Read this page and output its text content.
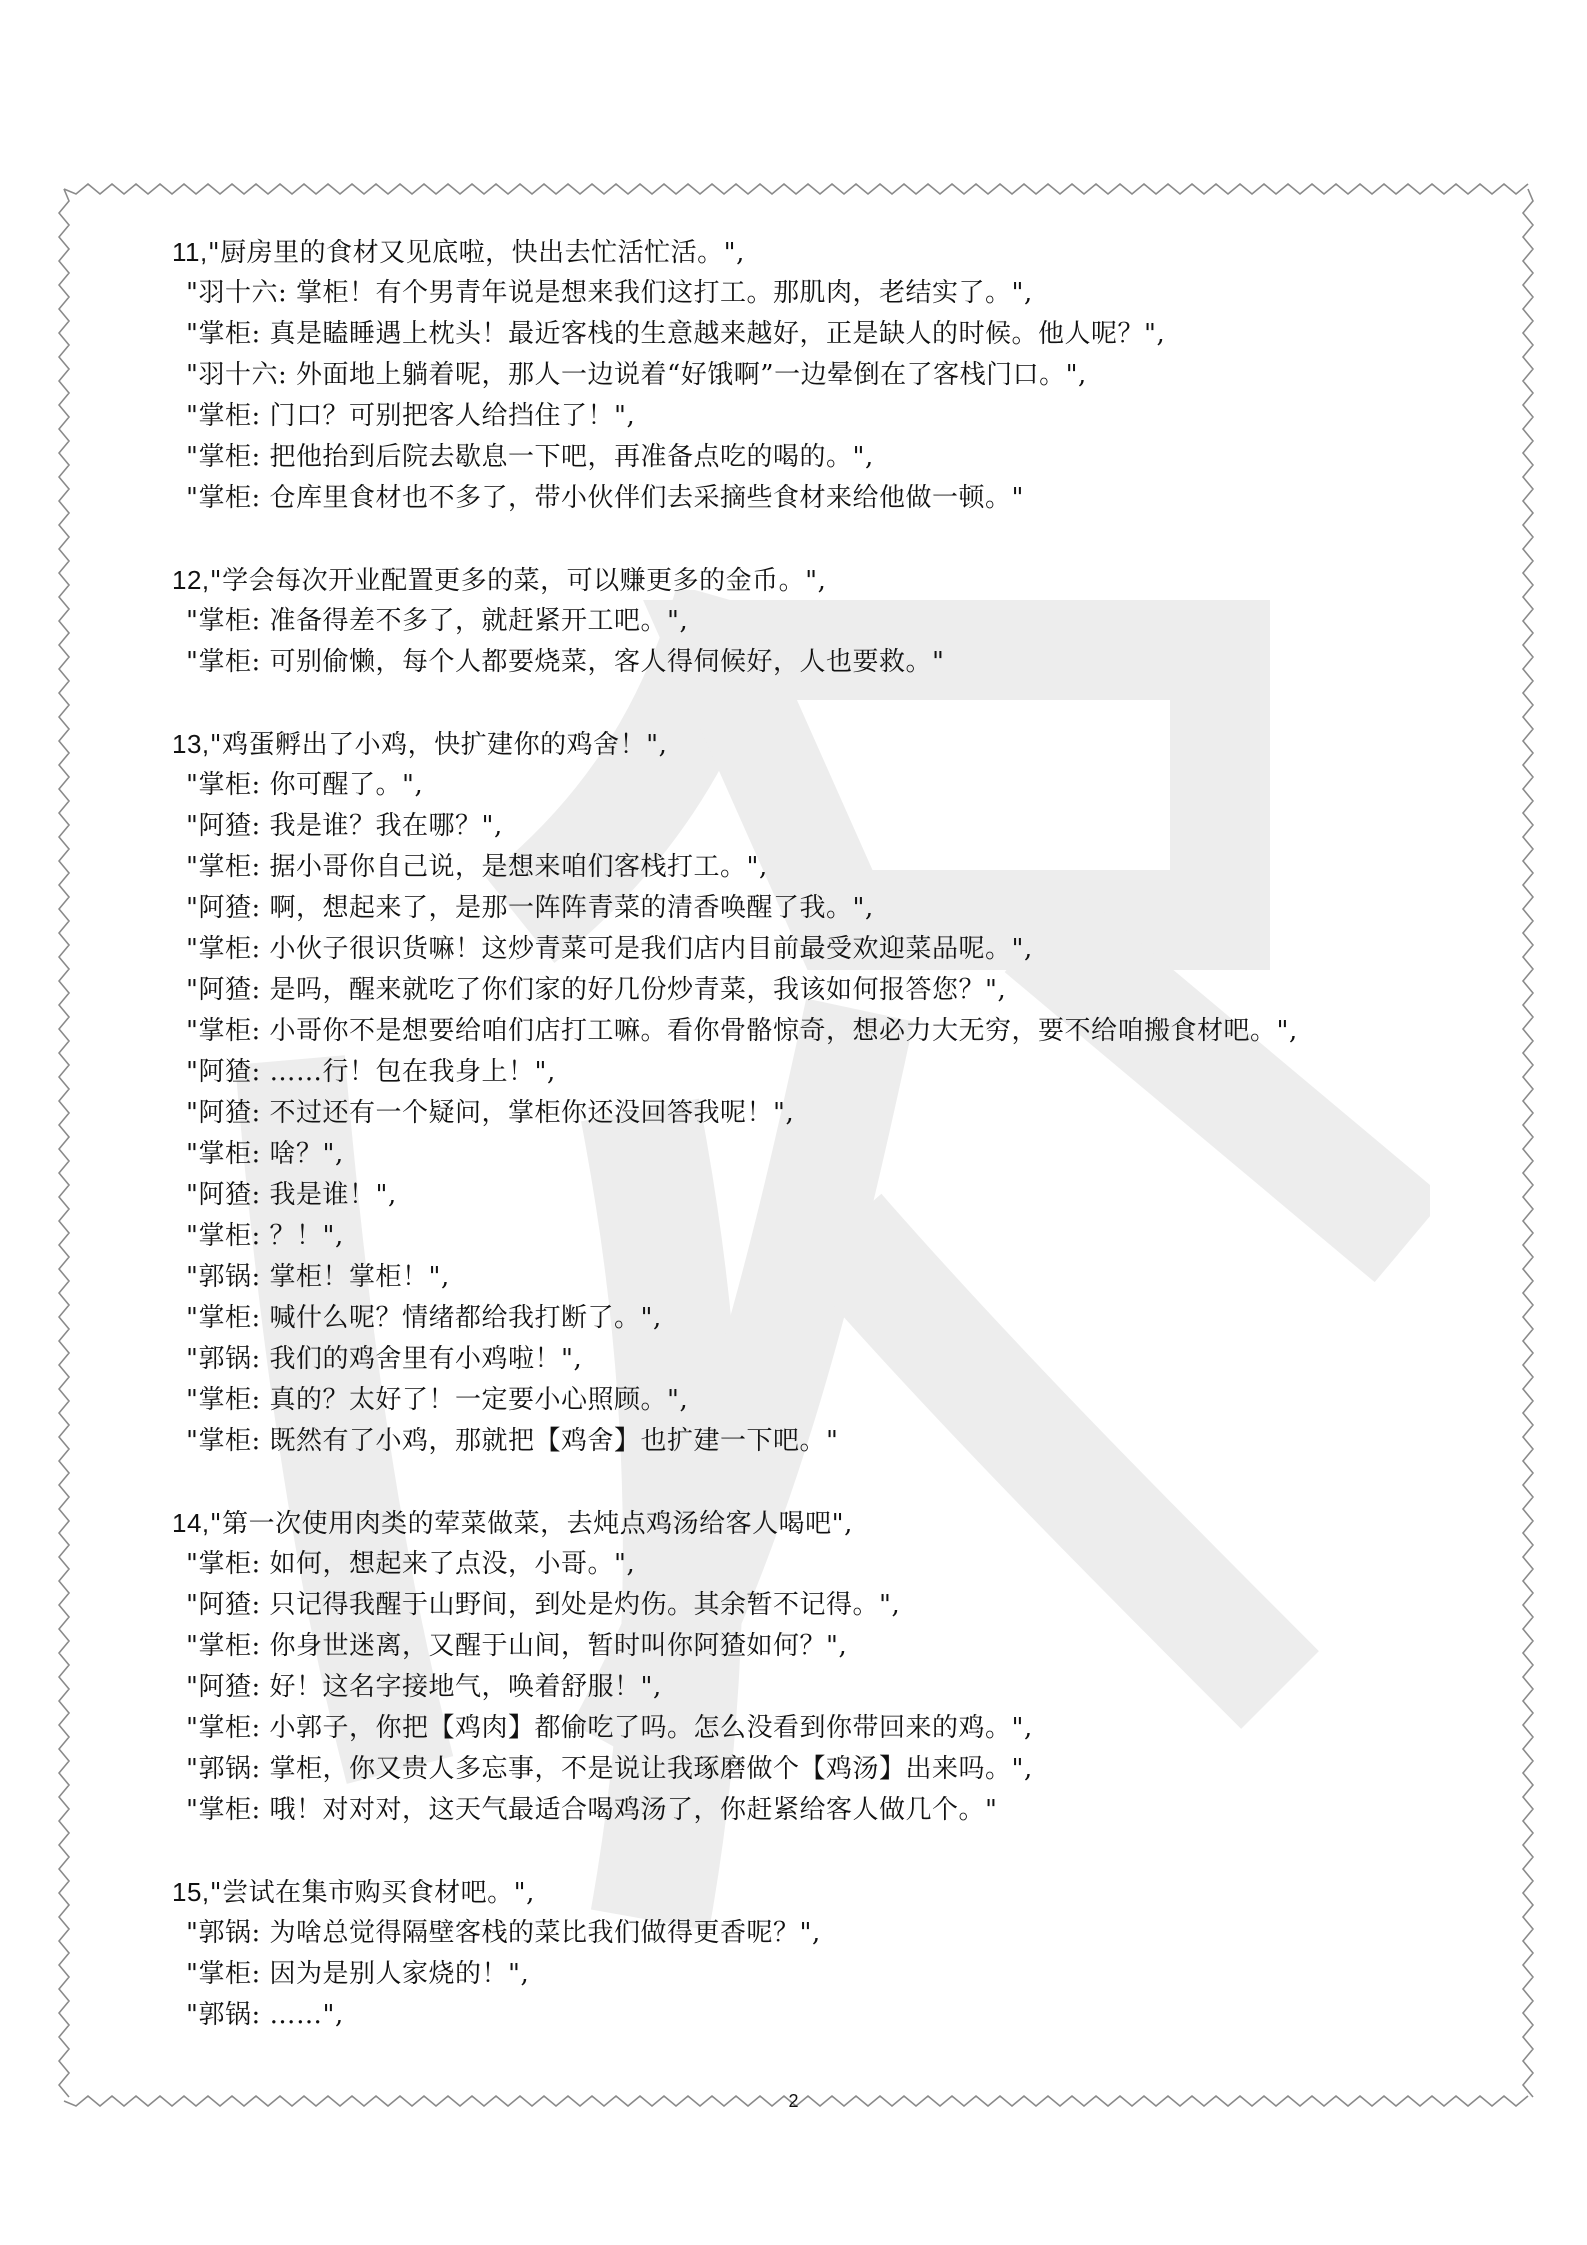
11,"厨房里的食材又见底啦，快出去忙活忙活。",
"羽十六: 掌柜！有个男青年说是想来我们这打工。那肌肉，老结实了。",
"掌柜: 真是瞌睡遇上枕头！最近客栈的生意越来越好，正是缺人的时候。他人呢？",
"羽十六: 外面地上躺着呢，那人一边说着“好饿啊”一边晕倒在了客栈门口。",
"掌柜: 门口？可别把客人给挡住了！",
"掌柜: 把他抬到后院去歇息一下吧，再准备点吃的喝的。",
"掌柜: 仓库里食材也不多了，带小伙伴们去采摘些食材来给他做一顿。"
12,"学会每次开业配置更多的菜，可以赚更多的金币。",
"掌柜: 准备得差不多了，就赶紧开工吧。",
"掌柜: 可别偷懒，每个人都要烧菜，客人得伺候好，人也要救。"
13,"鸡蛋孵出了小鸡，快扩建你的鸡舍！",
"掌柜: 你可醒了。",
"阿猹: 我是谁？我在哪？",
"掌柜: 据小哥你自己说，是想来咱们客栈打工。",
"阿猹: 啊，想起来了，是那一阵阵青菜的清香唤醒了我。",
"掌柜: 小伙子很识货嘛！这炒青菜可是我们店内目前最受欢迎菜品呢。",
"阿猹: 是吗，醒来就吃了你们家的好几份炒青菜，我该如何报答您？",
"掌柜: 小哥你不是想要给咱们店打工嘛。看你骨骼惊奇，想必力大无穷，要不给咱搬食材吧。",
"阿猹: ……行！包在我身上！",
"阿猹: 不过还有一个疑问，掌柜你还没回答我呢！",
"掌柜: 啥？",
"阿猹: 我是谁！",
"掌柜: ？！",
"郭锅: 掌柜！掌柜！",
"掌柜: 喊什么呢？情绪都给我打断了。",
"郭锅: 我们的鸡舍里有小鸡啦！",
"掌柜: 真的？太好了！一定要小心照顾。",
"掌柜: 既然有了小鸡，那就把【鸡舍】也扩建一下吧。"
14,"第一次使用肉类的荤菜做菜，去炖点鸡汤给客人喝吧",
"掌柜: 如何，想起来了点没，小哥。",
"阿猹: 只记得我醒于山野间，到处是灼伤。其余暂不记得。",
"掌柜: 你身世迷离，又醒于山间，暂时叫你阿猹如何？",
"阿猹: 好！这名字接地气，唤着舒服！",
"掌柜: 小郭子，你把【鸡肉】都偷吃了吗。怎么没看到你带回来的鸡。",
"郭锅: 掌柜，你又贵人多忘事，不是说让我琢磨做个【鸡汤】出来吗。",
"掌柜: 哦！对对对，这天气最适合喝鸡汤了，你赶紧给客人做几个。"
15,"尝试在集市购买食材吧。",
"郭锅: 为啥总觉得隔壁客栈的菜比我们做得更香呢？",
"掌柜: 因为是别人家烧的！",
"郭锅: ……",
2
